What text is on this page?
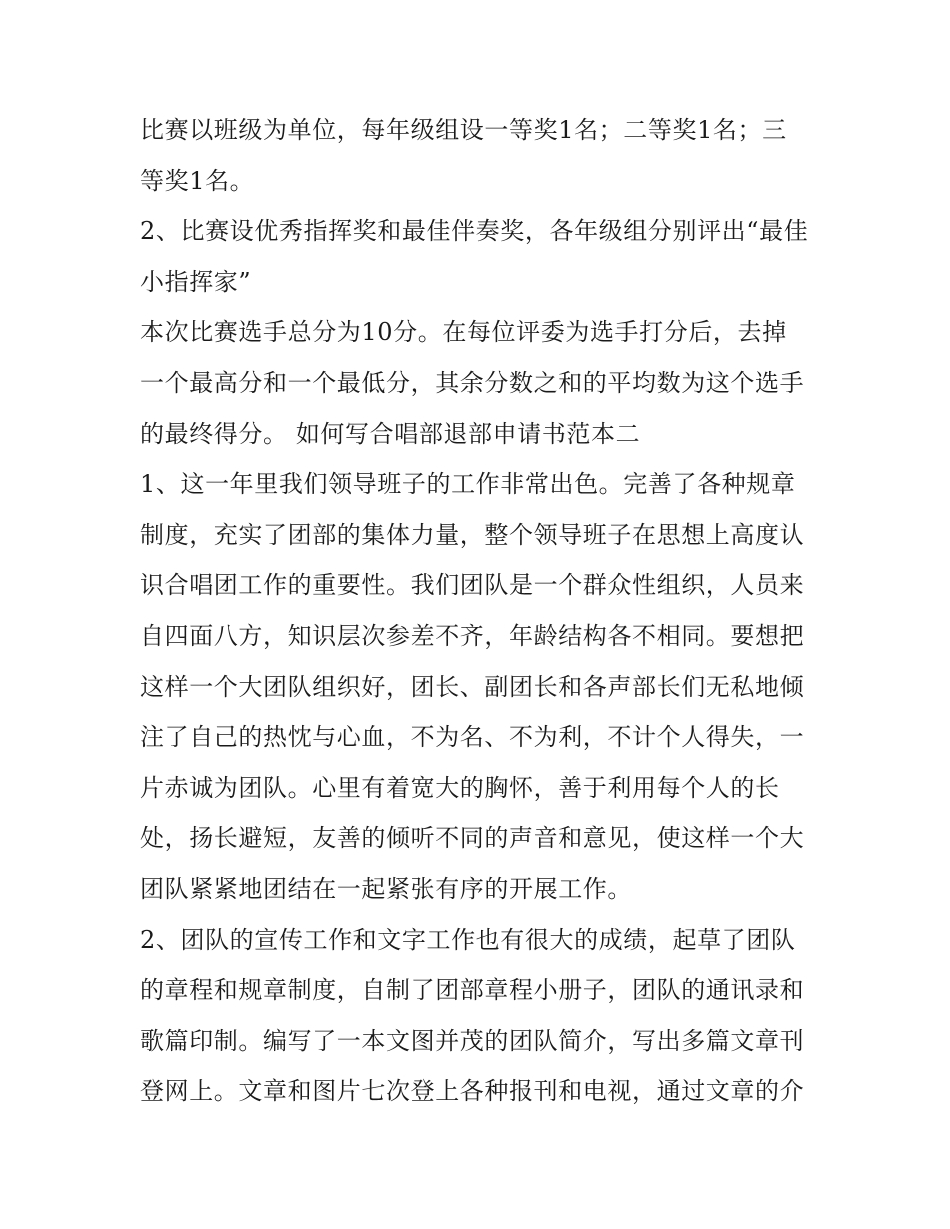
比赛以班级为单位，每年级组设一等奖1名；二等奖1名；三
等奖1名。
2、比赛设优秀指挥奖和最佳伴奏奖，各年级组分别评出“最佳
小指挥家”
本次比赛选手总分为10分。在每位评委为选手打分后，去掉
一个最高分和一个最低分，其余分数之和的平均数为这个选手
的最终得分。 如何写合唱部退部申请书范本二
1、这一年里我们领导班子的工作非常出色。完善了各种规章
制度，充实了团部的集体力量，整个领导班子在思想上高度认
识合唱团工作的重要性。我们团队是一个群众性组织，人员来
自四面八方，知识层次参差不齐，年龄结构各不相同。要想把
这样一个大团队组织好，团长、副团长和各声部长们无私地倾
注了自己的热忱与心血，不为名、不为利，不计个人得失，一
片赤诚为团队。心里有着宽大的胸怀，善于利用每个人的长
处，扬长避短，友善的倾听不同的声音和意见，使这样一个大
团队紧紧地团结在一起紧张有序的开展工作。
2、团队的宣传工作和文字工作也有很大的成绩，起草了团队
的章程和规章制度，自制了团部章程小册子，团队的通讯录和
歌篇印制。编写了一本文图并茂的团队简介，写出多篇文章刊
登网上。文章和图片七次登上各种报刊和电视，通过文章的介
